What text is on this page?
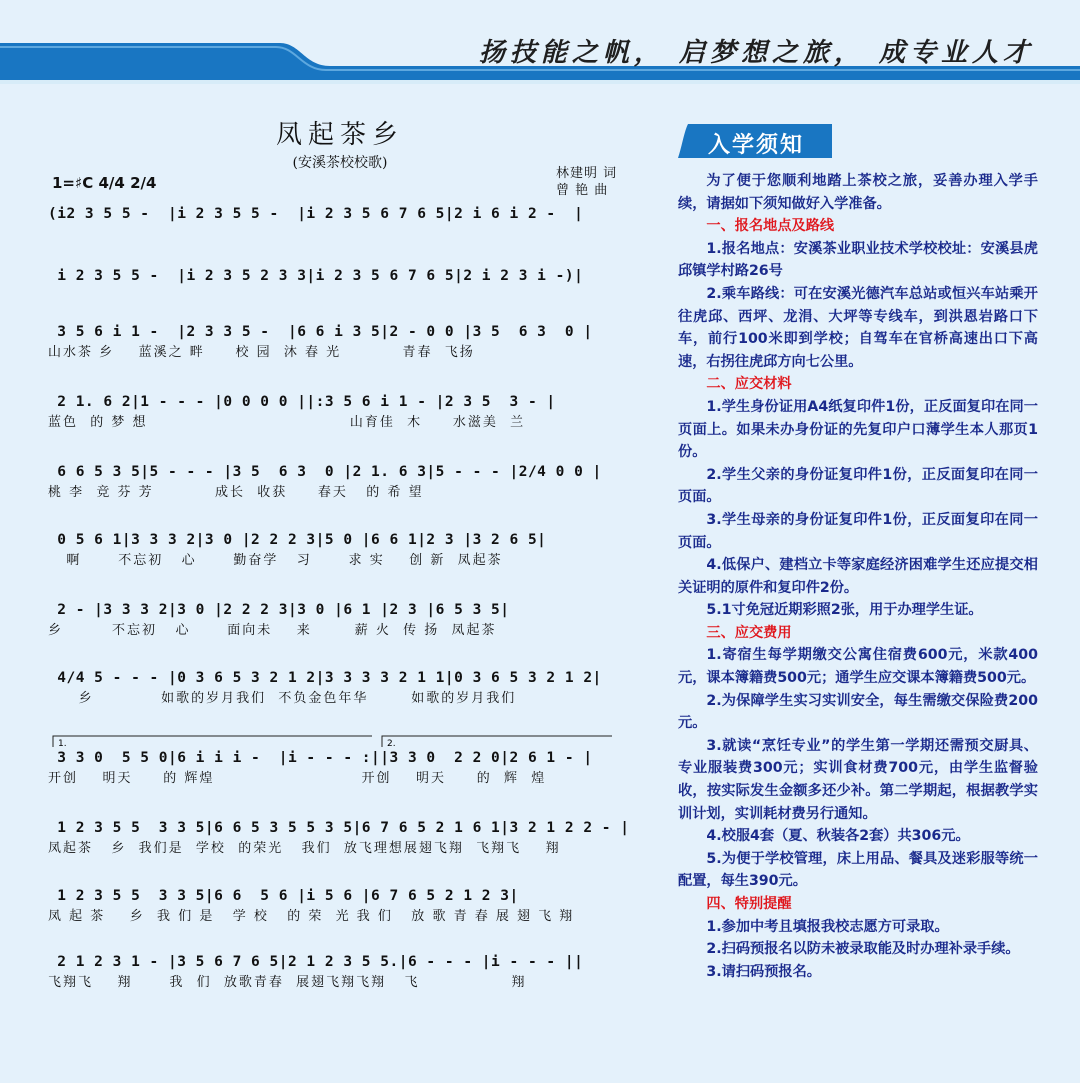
扬技能之帆， 启梦想之旅， 成专业人才
凤起茶乡
(安溪茶校校歌)
林建明 词
曾 艳 曲
1=♯C 4/4 2/4
(i2 3 5 5 -  |i 2 3 5 5 -  |i 2 3 5 6 7 6 5|2 i 6 i 2 -  |
i 2 3 5 5 -  |i 2 3 5 2 3 3|i 2 3 5 6 7 6 5|2 i 2 3 i -)|
3 5 6 i 1 -  |2 3 3 5 -  |6 6 i 3 5|2 - 0 0 |3 5  6 3  0 |
山水茶 乡    蓝溪之 畔     校 园  沐 春 光          青春  飞扬
2 1. 6 2|1 - - - |0 0 0 0 ||:3 5 6 i 1 - |2 3 5  3 - |
蓝色  的 梦 想                                 山育佳  木     水滋美  兰
6 6 5 3 5|5 - - - |3 5  6 3  0 |2 1. 6 3|5 - - - |2/4 0 0 |
桃 李  竞 芬 芳          成长  收获     春天   的 希 望
0 5 6 1|3 3 3 2|3 0 |2 2 2 3|5 0 |6 6 1|2 3 |3 2 6 5|
啊      不忘初   心      勤奋学   习      求 实    创 新  凤起茶
2 - |3 3 3 2|3 0 |2 2 2 3|3 0 |6 1 |2 3 |6 5 3 5|
乡        不忘初   心      面向未    来       薪 火  传 扬  凤起茶
4/4 5 - - - |0 3 6 5 3 2 1 2|3 3 3 3 2 1 1|0 3 6 5 3 2 1 2|
乡           如歌的岁月我们  不负金色年华       如歌的岁月我们
3 3 0  5 5 0|6 i i i -  |i - - - :||3 3 0  2 2 0|2 6 1 - |
开创    明天     的 辉煌                        开创    明天     的  辉  煌
1 2 3 5 5  3 3 5|6 6 5 3 5 5 3 5|6 7 6 5 2 1 6 1|3 2 1 2 2 - |
凤起茶   乡  我们是  学校  的荣光   我们  放飞理想展翅飞翔  飞翔飞    翔
1 2 3 5 5  3 3 5|6 6  5 6 |i 5 6 |6 7 6 5 2 1 2 3|
凤 起 茶    乡  我 们 是   学 校   的 荣  光 我 们   放 歌 青 春 展 翅 飞 翔
2 1 2 3 1 - |3 5 6 7 6 5|2 1 2 3 5 5.|6 - - - |i - - - ||
飞翔飞    翔      我  们  放歌青春  展翅飞翔飞翔   飞               翔
1.	2.
入学须知

为了便于您顺利地踏上茶校之旅，妥善办理入学手续，请据如下须知做好入学准备。

一、报名地点及路线

1.报名地点：安溪茶业职业技术学校校址：安溪县虎邱镇学村路26号

2.乘车路线：可在安溪光德汽车总站或恒兴车站乘开往虎邱、西坪、龙涓、大坪等专线车，到洪恩岩路口下车，前行100米即到学校；自驾车在官桥高速出口下高速，右拐往虎邱方向七公里。

二、应交材料

1.学生身份证用A4纸复印件1份，正反面复印在同一页面上。如果未办身份证的先复印户口薄学生本人那页1份。

2.学生父亲的身份证复印件1份，正反面复印在同一页面。

3.学生母亲的身份证复印件1份，正反面复印在同一页面。

4.低保户、建档立卡等家庭经济困难学生还应提交相关证明的原件和复印件2份。

5.1寸免冠近期彩照2张，用于办理学生证。

三、应交费用

1.寄宿生每学期缴交公寓住宿费600元，米款400元，课本簿籍费500元；通学生应交课本簿籍费500元。

2.为保障学生实习实训安全，每生需缴交保险费200元。

3.就读“烹饪专业”的学生第一学期还需预交厨具、专业服装费300元；实训食材费700元，由学生监督验收，按实际发生金额多还少补。第二学期起，根据教学实训计划，实训耗材费另行通知。

4.校服4套（夏、秋装各2套）共306元。

5.为便于学校管理，床上用品、餐具及迷彩服等统一配置，每生390元。

四、特别提醒

1.参加中考且填报我校志愿方可录取。

2.扫码预报名以防未被录取能及时办理补录手续。

3.请扫码预报名。
